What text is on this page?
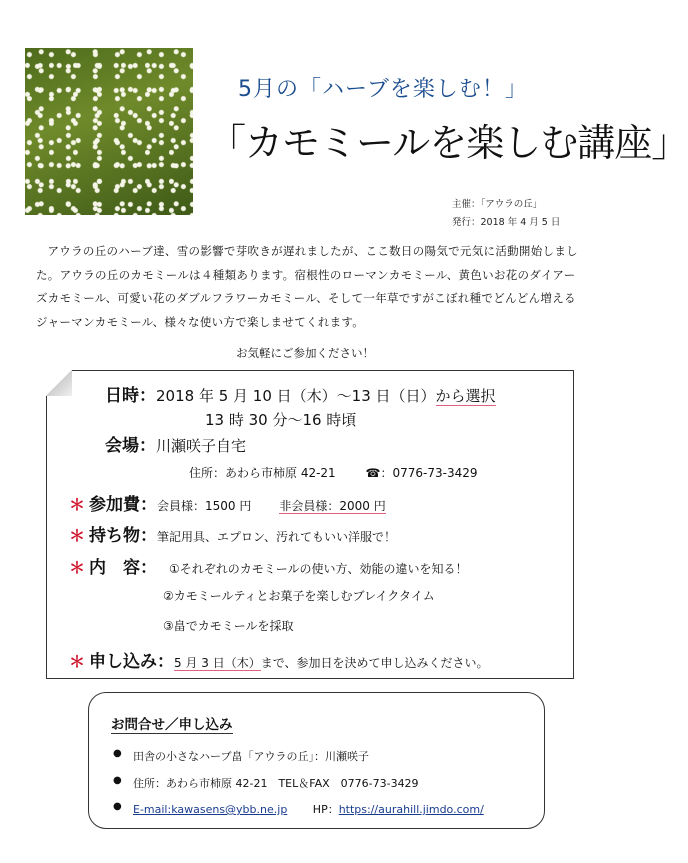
5月の「ハーブを楽しむ！」
「カモミールを楽しむ講座」
主催：「アウラの丘」
発行：2018 年 4 月 5 日
アウラの丘のハーブ達、雪の影響で芽吹きが遅れましたが、ここ数日の陽気で元気に活動開始しました。アウラの丘のカモミールは４種類あります。宿根性のローマンカモミール、黄色いお花のダイアーズカモミール、可愛い花のダブルフラワーカモミール、そして一年草ですがこぼれ種でどんどん増えるジャーマンカモミール、様々な使い方で楽しませてくれます。
お気軽にご参加ください！
日時：2018 年 5 月 10 日（木）～13 日（日）から選択
13 時 30 分～16 時頃
会場：川瀬咲子自宅
住所：あわら市柿原 42-21 ☎：0776-73-3429
＊ 参加費：会員様：1500 円 非会員様：2000 円
＊ 持ち物：筆記用具、エプロン、汚れてもいい洋服で！
＊ 内　容： ①それぞれのカモミールの使い方、効能の違いを知る！
②カモミールティとお菓子を楽しむブレイクタイム
③畠でカモミールを採取
＊ 申し込み：5 月 3 日（木）まで、参加日を決めて申し込みください。
お問合せ／申し込み
● 田舎の小さなハーブ畠「アウラの丘」：川瀬咲子
● 住所：あわら市柿原 42-21　TEL＆FAX　0776-73-3429
● E-mail:kawasens@ybb.ne.jp HP：https://aurahill.jimdo.com/
